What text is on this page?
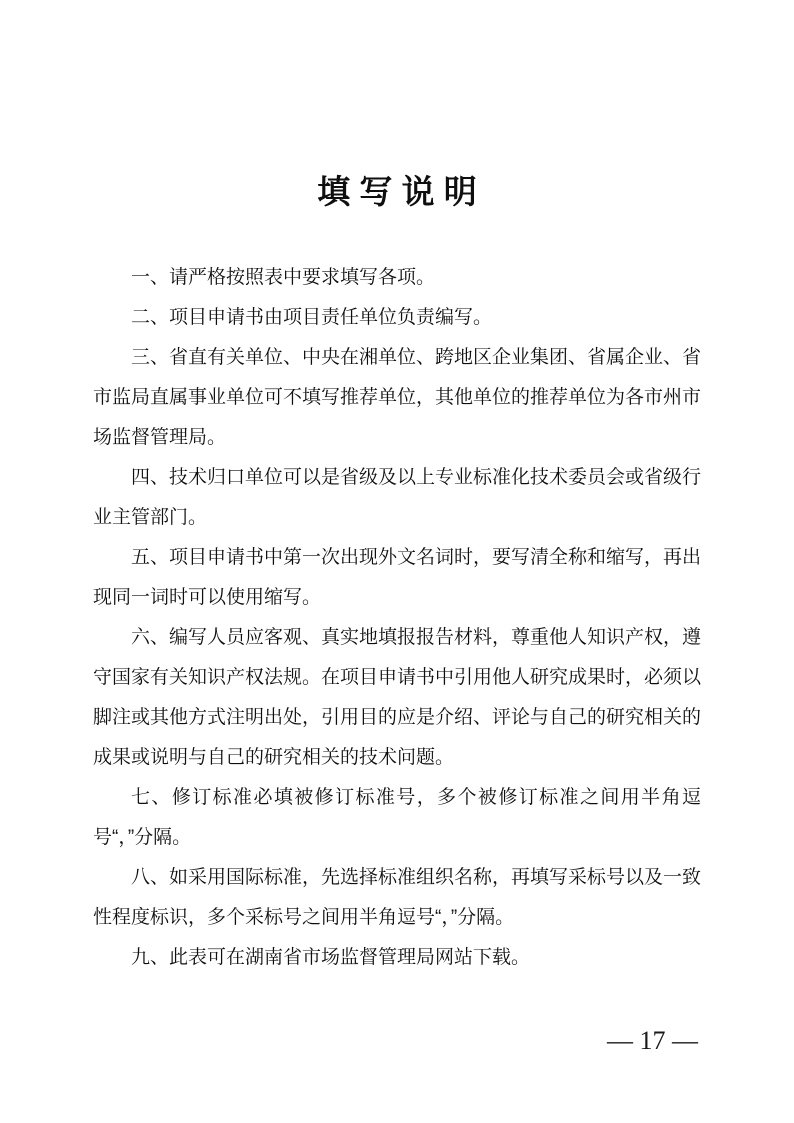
填 写 说 明

一、请严格按照表中要求填写各项。

二、项目申请书由项目责任单位负责编写。

三、省直有关单位、中央在湘单位、跨地区企业集团、省属企业、省市监局直属事业单位可不填写推荐单位，其他单位的推荐单位为各市州市场监督管理局。

四、技术归口单位可以是省级及以上专业标准化技术委员会或省级行业主管部门。

五、项目申请书中第一次出现外文名词时，要写清全称和缩写，再出现同一词时可以使用缩写。

六、编写人员应客观、真实地填报报告材料，尊重他人知识产权，遵守国家有关知识产权法规。在项目申请书中引用他人研究成果时，必须以脚注或其他方式注明出处，引用目的应是介绍、评论与自己的研究相关的成果或说明与自己的研究相关的技术问题。

七、修订标准必填被修订标准号，多个被修订标准之间用半角逗号“，”分隔。

八、如采用国际标准，先选择标准组织名称，再填写采标号以及一致性程度标识，多个采标号之间用半角逗号“，”分隔。

九、此表可在湖南省市场监督管理局网站下载。

— 17 —
